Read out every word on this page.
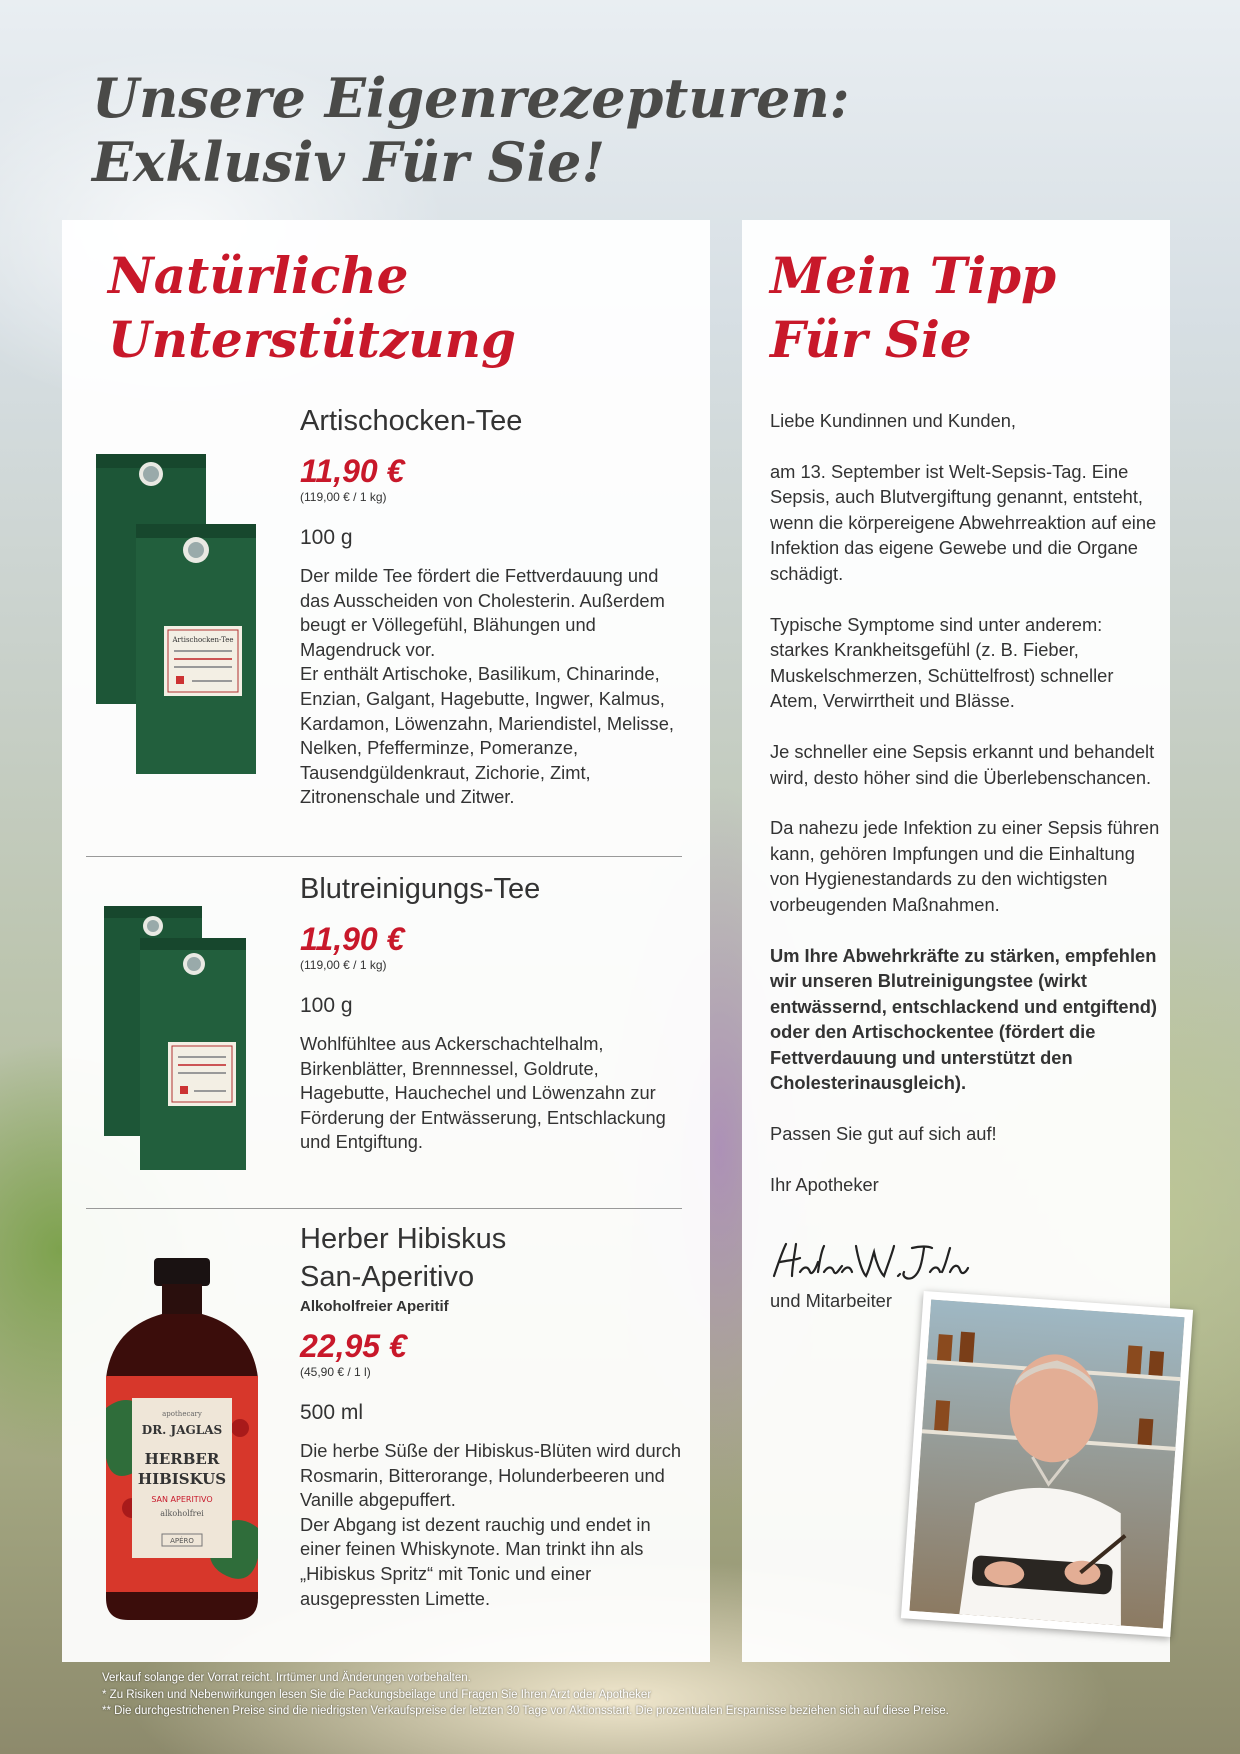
Unsere Eigenrezepturen:
Exklusiv Für Sie!
Natürliche
Unterstützung
Artischocken-Tee
Artischocken-Tee
11,90 €
(119,00 € / 1 kg)
100 g
Der milde Tee fördert die Fettverdauung und das Ausscheiden von Cholesterin. Außerdem beugt er Völlegefühl, Blähungen und Magendruck vor.
Er enthält Artischoke, Basilikum, Chinarinde, Enzian, Galgant, Hagebutte, Ingwer, Kalmus, Kardamon, Löwenzahn, Mariendistel, Melisse, Nelken, Pfefferminze, Pomeranze, Tausendgüldenkraut, Zichorie, Zimt, Zitronenschale und Zitwer.
Blutreinigungs-Tee
11,90 €
(119,00 € / 1 kg)
100 g
Wohlfühltee aus Ackerschachtelhalm, Birkenblätter, Brennnessel, Goldrute, Hagebutte, Hauchechel und Löwenzahn zur Förderung der Entwässerung, Entschlackung und Entgiftung.
apothecary
DR. JAGLAS
HERBER
HIBISKUS
SAN APERITIVO
alkoholfrei
APÉRO
Herber Hibiskus
San-Aperitivo
Alkoholfreier Aperitif
22,95 €
(45,90 € / 1 l)
500 ml
Die herbe Süße der Hibiskus-Blüten wird durch Rosmarin, Bitterorange, Holunderbeeren und Vanille abgepuffert.
Der Abgang ist dezent rauchig und endet in einer feinen Whiskynote. Man trinkt ihn als „Hibiskus Spritz“ mit Tonic und einer ausgepressten Limette.
Mein Tipp
Für Sie

Liebe Kundinnen und Kunden,

am 13. September ist Welt-Sepsis-Tag. Eine Sepsis, auch Blutvergiftung genannt, entsteht, wenn die körpereigene Abwehrreaktion auf eine Infektion das eigene Gewebe und die Organe schädigt.

Typische Symptome sind unter anderem: starkes Krankheitsgefühl (z. B. Fieber, Muskelschmerzen, Schüttelfrost) schneller Atem, Verwirrtheit und Blässe.

Je schneller eine Sepsis erkannt und behandelt wird, desto höher sind die Überlebenschancen.

Da nahezu jede Infektion zu einer Sepsis führen kann, gehören Impfungen und die Einhaltung von Hygienestandards zu den wichtigsten vorbeugenden Maßnahmen.

Um Ihre Abwehrkräfte zu stärken, empfehlen wir unseren Blutreinigungstee (wirkt entwässernd, entschlackend und entgiftend) oder den Artischockentee (fördert die Fettverdauung und unterstützt den Cholesterinausgleich).

Passen Sie gut auf sich auf!

Ihr Apotheker

und Mitarbeiter
Verkauf solange der Vorrat reicht. Irrtümer und Änderungen vorbehalten.
* Zu Risiken und Nebenwirkungen lesen Sie die Packungsbeilage und Fragen Sie Ihren Arzt oder Apotheker
** Die durchgestrichenen Preise sind die niedrigsten Verkaufspreise der letzten 30 Tage vor Aktionsstart. Die prozentualen Ersparnisse beziehen sich auf diese Preise.
